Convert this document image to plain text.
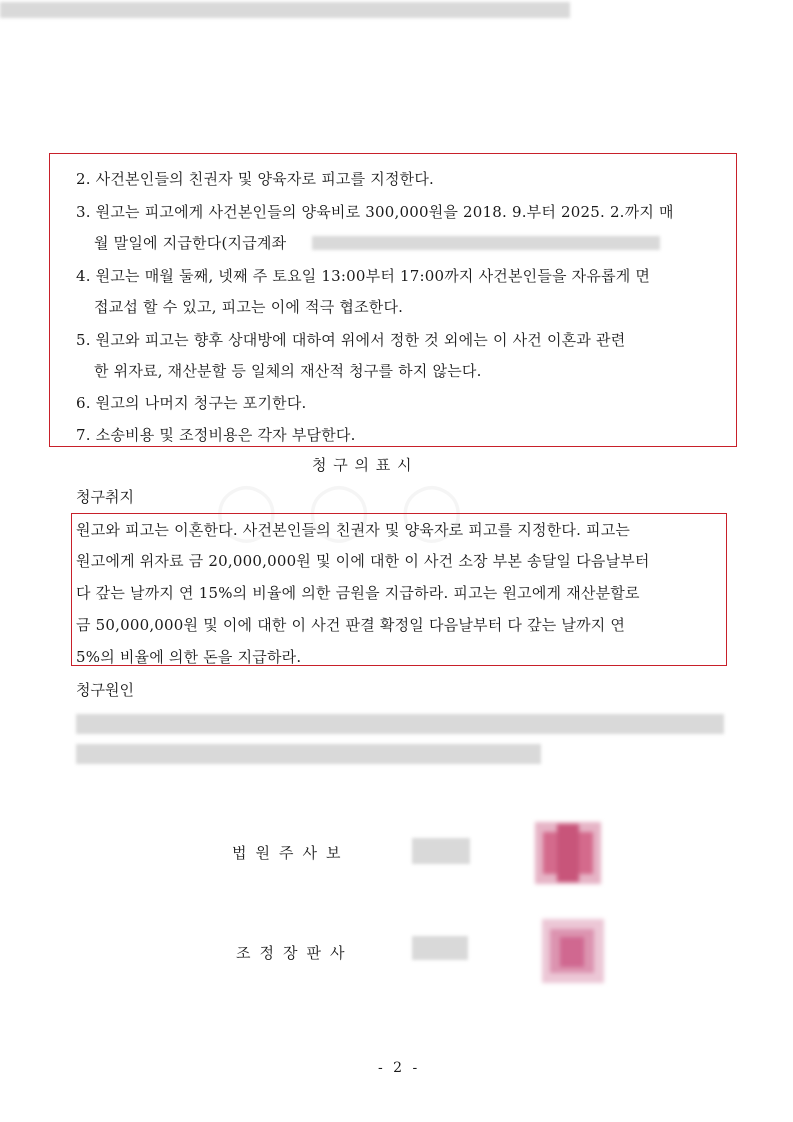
2. 사건본인들의 친권자 및 양육자로 피고를 지정한다.
3. 원고는 피고에게 사건본인들의 양육비로 300,000원을 2018. 9.부터 2025. 2.까지 매
월 말일에 지급한다(지급계좌
4. 원고는 매월 둘째, 넷째 주 토요일 13:00부터 17:00까지 사건본인들을 자유롭게 면
접교섭 할 수 있고, 피고는 이에 적극 협조한다.
5. 원고와 피고는 향후 상대방에 대하여 위에서 정한 것 외에는 이 사건 이혼과 관련
한 위자료, 재산분할 등 일체의 재산적 청구를 하지 않는다.
6. 원고의 나머지 청구는 포기한다.
7. 소송비용 및 조정비용은 각자 부담한다.
청 구 의 표 시
청구취지
원고와 피고는 이혼한다. 사건본인들의 친권자 및 양육자로 피고를 지정한다. 피고는
원고에게 위자료 금 20,000,000원 및 이에 대한 이 사건 소장 부본 송달일 다음날부터
다 갚는 날까지 연 15%의 비율에 의한 금원을 지급하라. 피고는 원고에게 재산분할로
금 50,000,000원 및 이에 대한 이 사건 판결 확정일 다음날부터 다 갚는 날까지 연
5%의 비율에 의한 돈을 지급하라.
청구원인
법원주사보
조정장판사
- 2 -
